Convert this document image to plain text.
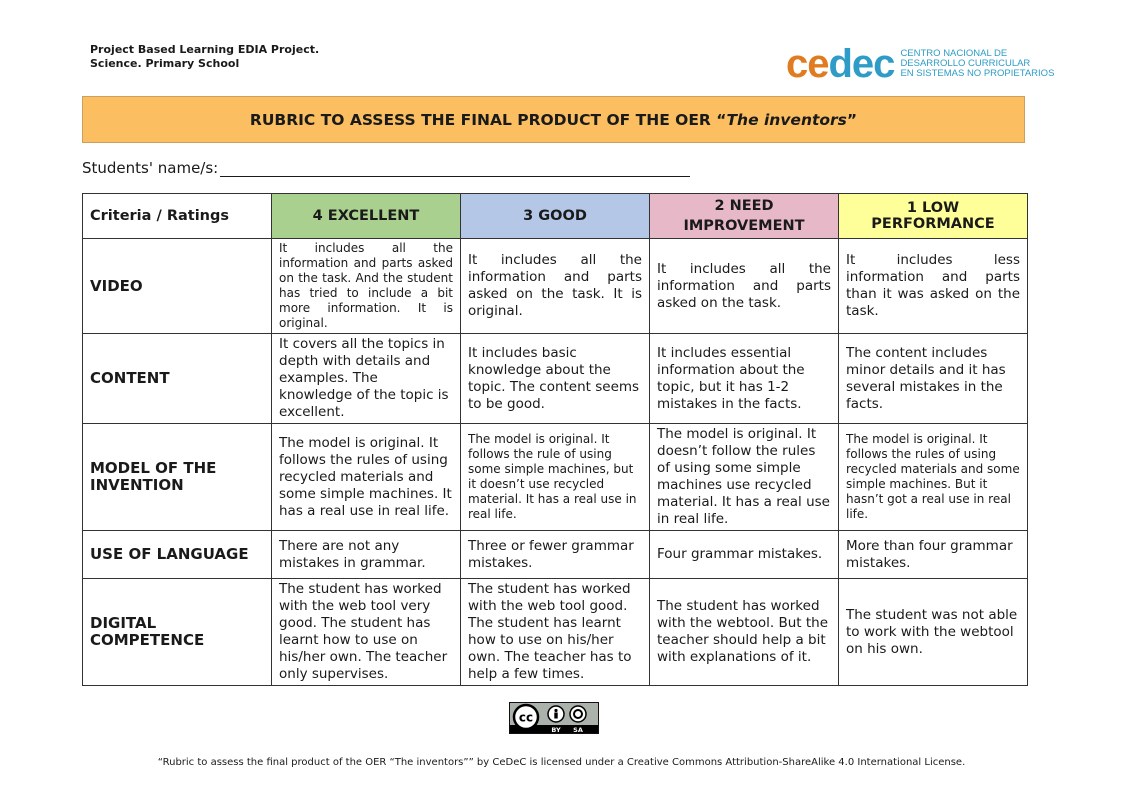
Project Based Learning EDIA Project.
Science. Primary School	cedec CENTRO NACIONAL DE
DESARROLLO CURRICULAR
EN SISTEMAS NO PROPIETARIOS
RUBRIC TO ASSESS THE FINAL PRODUCT OF THE OER “ The inventors ”
Students' name/s:
Criteria / Ratings	4 EXCELLENT	3 GOOD	2 NEED IMPROVEMENT	1 LOW PERFORMANCE
VIDEO	It includes all the information and parts asked on the task. And the student has tried to include a bit more information. It is original.	It includes all the information and parts asked on the task. It is original.	It includes all the information and parts asked on the task.	It includes less information and parts than it was asked on the task.
CONTENT	It covers all the topics in depth with details and examples. The knowledge of the topic is excellent.	It includes basic knowledge about the topic. The content seems to be good.	It includes essential information about the topic, but it has 1-2 mistakes in the facts.	The content includes minor details and it has several mistakes in the facts.
MODEL OF THE INVENTION	The model is original. It follows the rules of using recycled materials and some simple machines. It has a real use in real life.	The model is original. It follows the rule of using some simple machines, but it doesn’t use recycled material. It has a real use in real life.	The model is original. It doesn’t follow the rules of using some simple machines use recycled material. It has a real use in real life.	The model is original. It follows the rules of using recycled materials and some simple machines. But it hasn’t got a real use in real life.
USE OF LANGUAGE	There are not any mistakes in grammar.	Three or fewer grammar mistakes.	Four grammar mistakes.	More than four grammar mistakes.
DIGITAL COMPETENCE	The student has worked with the web tool very good. The student has learnt how to use on his/her own. The teacher only supervises.	The student has worked with the web tool good. The student has learnt how to use on his/her own. The teacher has to help a few times.	The student has worked with the webtool. But the teacher should help a bit with explanations of it.	The student was not able to work with the webtool on his own.
cc
BY SA
“Rubric to assess the final product of the OER “The inventors”” by CeDeC is licensed under a Creative Commons Attribution-ShareAlike 4.0 International License.
